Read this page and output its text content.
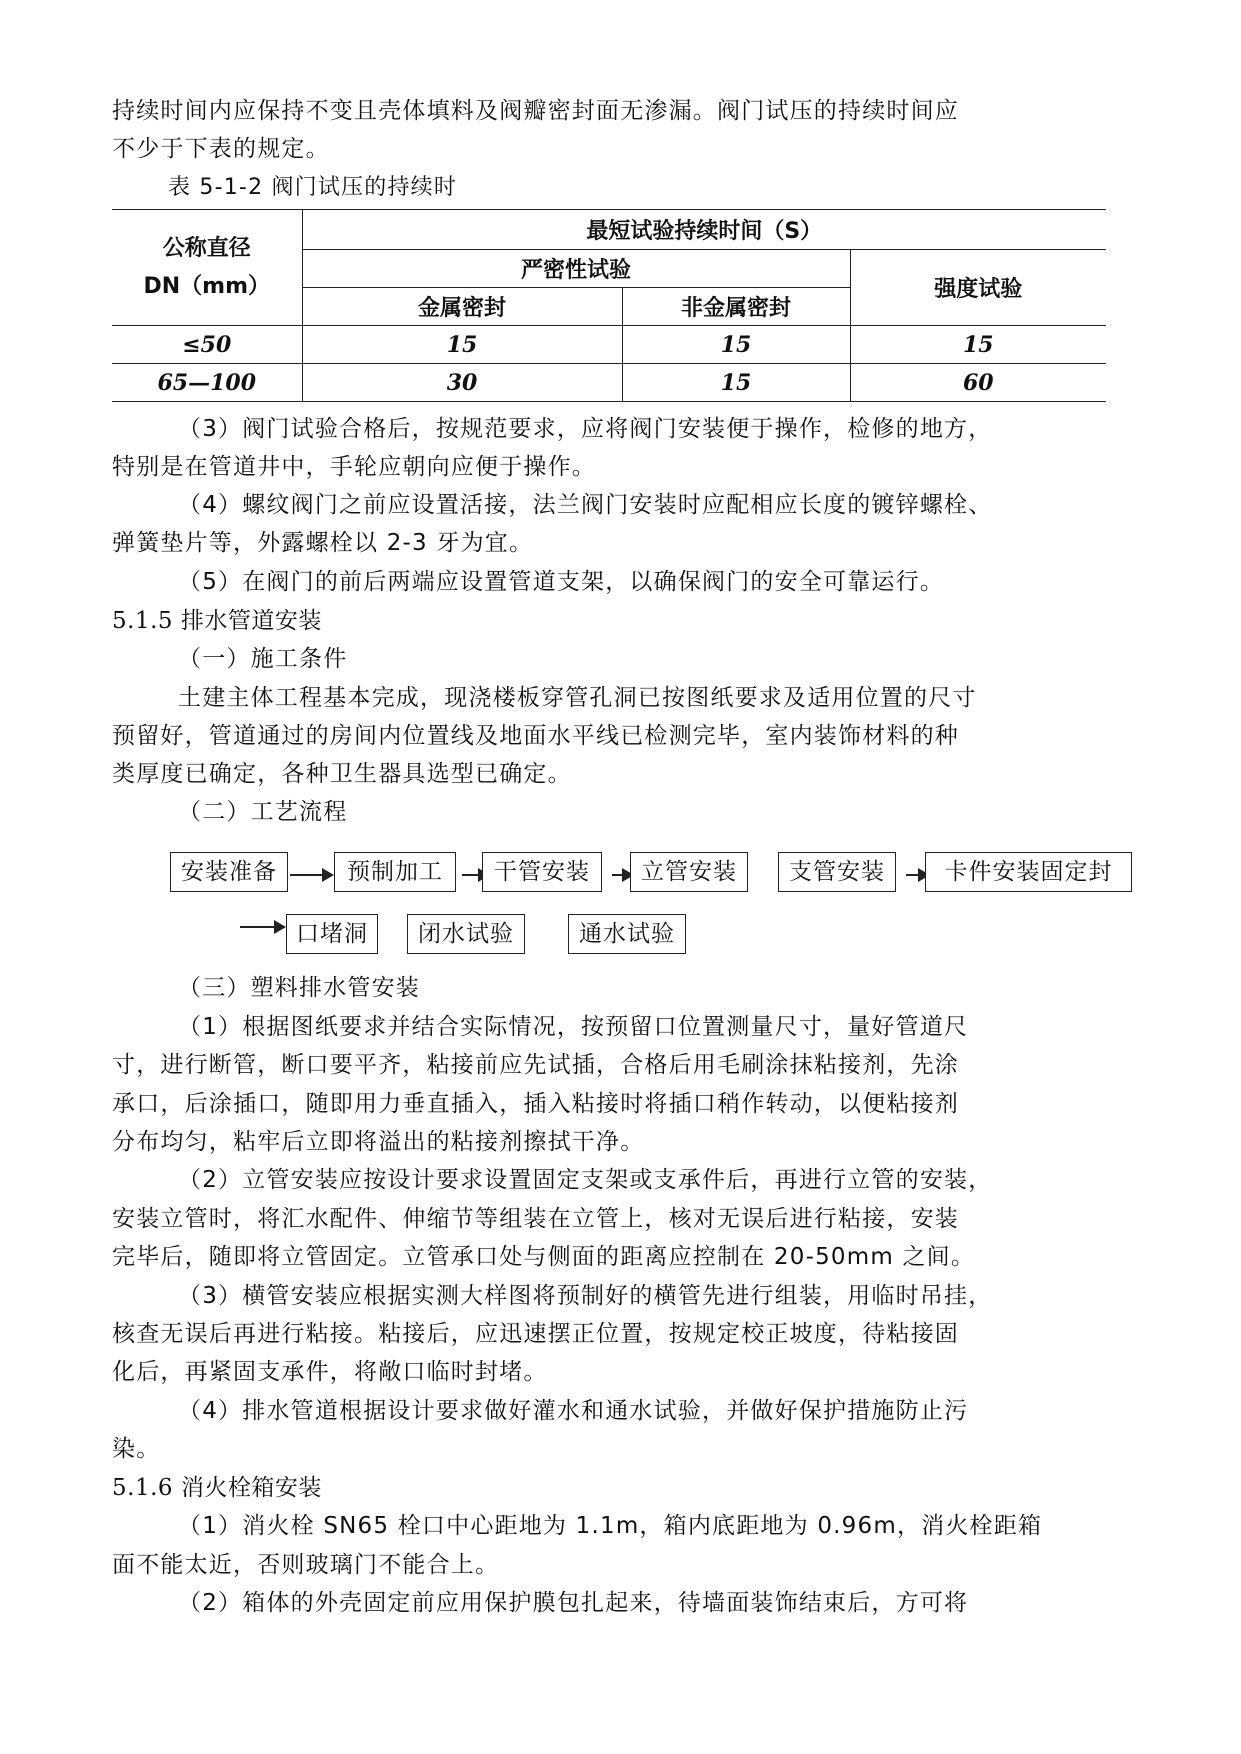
持续时间内应保持不变且壳体填料及阀瓣密封面无渗漏。阀门试压的持续时间应
不少于下表的规定。
表 5-1-2 阀门试压的持续时
公称直径
DN（mm）	最短试验持续时间（S）		
	严密性试验		强度试验
	金属密封	非金属密封	
≤50	15	15	15
65—100	30	15	60
（3）阀门试验合格后，按规范要求，应将阀门安装便于操作，检修的地方，
特别是在管道井中，手轮应朝向应便于操作。
（4）螺纹阀门之前应设置活接，法兰阀门安装时应配相应长度的镀锌螺栓、
弹簧垫片等，外露螺栓以 2-3 牙为宜。
（5）在阀门的前后两端应设置管道支架，以确保阀门的安全可靠运行。
5.1.5 排水管道安装
（一）施工条件
土建主体工程基本完成，现浇楼板穿管孔洞已按图纸要求及适用位置的尺寸
预留好，管道通过的房间内位置线及地面水平线已检测完毕，室内装饰材料的种
类厚度已确定，各种卫生器具选型已确定。
（二）工艺流程
安装准备	预制加工	干管安装	立管安装	支管安装	卡件安装固定封
口堵洞	闭水试验	通水试验
（三）塑料排水管安装
（1）根据图纸要求并结合实际情况，按预留口位置测量尺寸，量好管道尺
寸，进行断管，断口要平齐，粘接前应先试插，合格后用毛刷涂抹粘接剂，先涂
承口，后涂插口，随即用力垂直插入，插入粘接时将插口稍作转动，以便粘接剂
分布均匀，粘牢后立即将溢出的粘接剂擦拭干净。
（2）立管安装应按设计要求设置固定支架或支承件后，再进行立管的安装，
安装立管时，将汇水配件、伸缩节等组装在立管上，核对无误后进行粘接，安装
完毕后，随即将立管固定。立管承口处与侧面的距离应控制在 20-50mm 之间。
（3）横管安装应根据实测大样图将预制好的横管先进行组装，用临时吊挂，
核查无误后再进行粘接。粘接后，应迅速摆正位置，按规定校正坡度，待粘接固
化后，再紧固支承件，将敞口临时封堵。
（4）排水管道根据设计要求做好灌水和通水试验，并做好保护措施防止污
染。
5.1.6 消火栓箱安装
（1）消火栓 SN65 栓口中心距地为 1.1m，箱内底距地为 0.96m，消火栓距箱
面不能太近，否则玻璃门不能合上。
（2）箱体的外壳固定前应用保护膜包扎起来，待墙面装饰结束后，方可将
